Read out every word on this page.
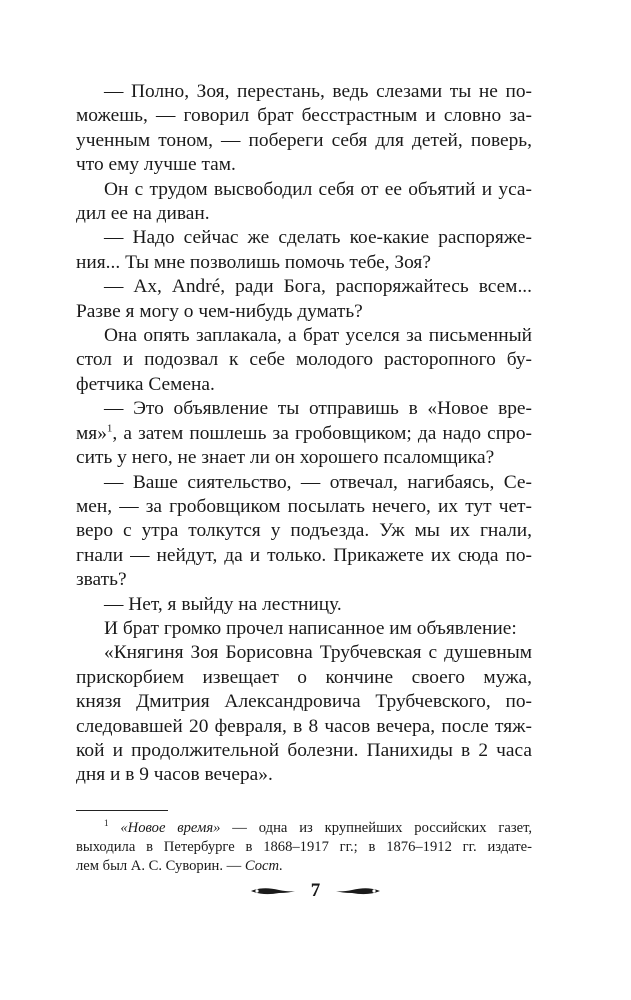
— Полно, Зоя, перестань, ведь слезами ты не по-
можешь, — говорил брат бесстрастным и словно за-
ученным тоном, — побереги себя для детей, поверь,
что ему лучше там.

Он с трудом высвободил себя от ее объятий и уса-
дил ее на диван.

— Надо сейчас же сделать кое-какие распоряже-
ния... Ты мне позволишь помочь тебе, Зоя?

— Ах, André, ради Бога, распоряжайтесь всем...
Разве я могу о чем-нибудь думать?

Она опять заплакала, а брат уселся за письменный
стол и подозвал к себе молодого расторопного бу-
фетчика Семена.

— Это объявление ты отправишь в «Новое вре-
мя»$^1$, а затем пошлешь за гробовщиком; да надо спро-
сить у него, не знает ли он хорошего псаломщика?

— Ваше сиятельство, — отвечал, нагибаясь, Се-
мен, — за гробовщиком посылать нечего, их тут чет-
веро с утра толкутся у подъезда. Уж мы их гнали,
гнали — нейдут, да и только. Прикажете их сюда по-
звать?

— Нет, я выйду на лестницу.

И брат громко прочел написанное им объявление:

«Княгиня Зоя Борисовна Трубчевская с душевным
прискорбием извещает о кончине своего мужа,
князя Дмитрия Александровича Трубчевского, по-
следовавшей 20 февраля, в 8 часов вечера, после тяж-
кой и продолжительной болезни. Панихиды в 2 часа
дня и в 9 часов вечера».

$^1$ «Новое время» — одна из крупнейших российских газет,
выходила в Петербурге в 1868–1917 гг.; в 1876–1912 гг. издате-
лем был А. С. Суворин. — Сост.
7
